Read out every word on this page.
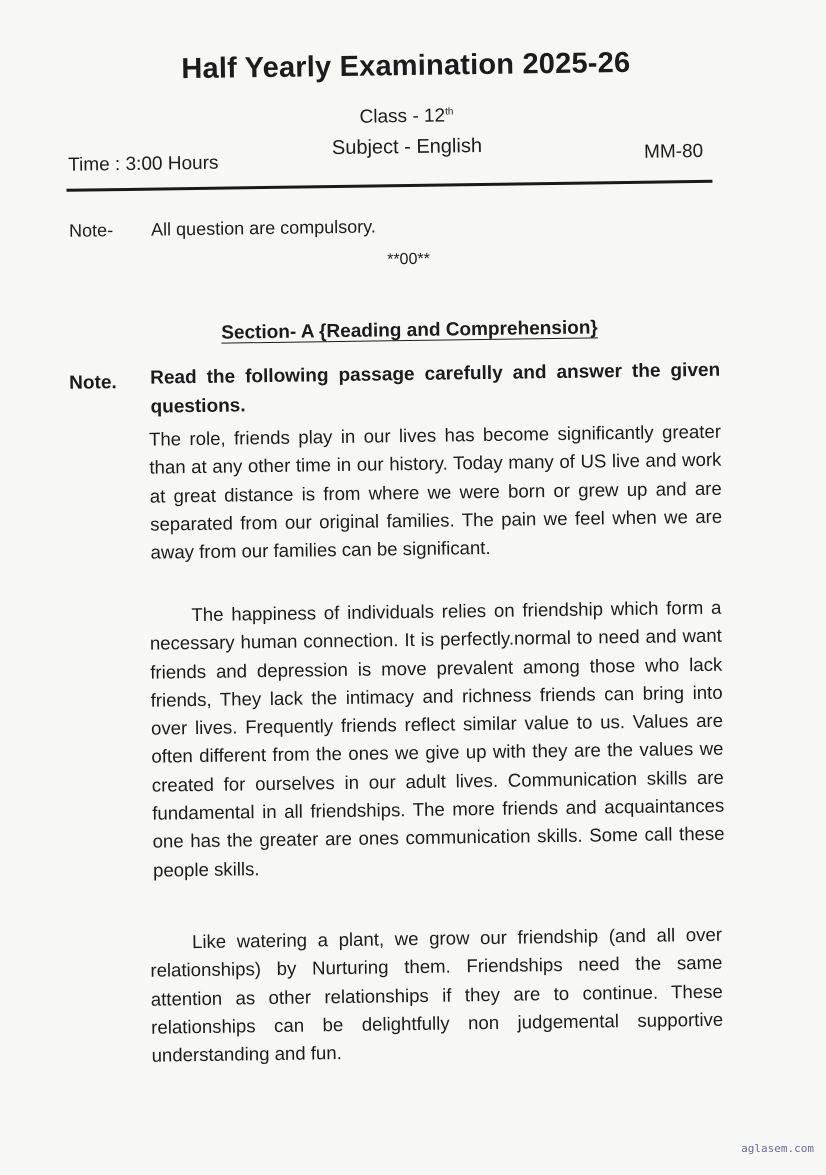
Half Yearly Examination 2025-26
Class - 12th
Subject - English
Time : 3:00 Hours
MM-80
Note- All question are compulsory.
**00**
Section- A {Reading and Comprehension}
Note. Read the following passage carefully and answer the given questions.
The role, friends play in our lives has become significantly greater than at any other time in our history. Today many of US live and work at great distance is from where we were born or grew up and are separated from our original families. The pain we feel when we are away from our families can be significant.
The happiness of individuals relies on friendship which form a necessary human connection. It is perfectly.normal to need and want friends and depression is move prevalent among those who lack friends, They lack the intimacy and richness friends can bring into over lives. Frequently friends reflect similar value to us. Values are often different from the ones we give up with they are the values we created for ourselves in our adult lives. Communication skills are fundamental in all friendships. The more friends and acquaintances one has the greater are ones communication skills. Some call these people skills.
Like watering a plant, we grow our friendship (and all over relationships) by Nurturing them. Friendships need the same attention as other relationships if they are to continue. These relationships can be delightfully non judgemental supportive understanding and fun.
aglasem.com
